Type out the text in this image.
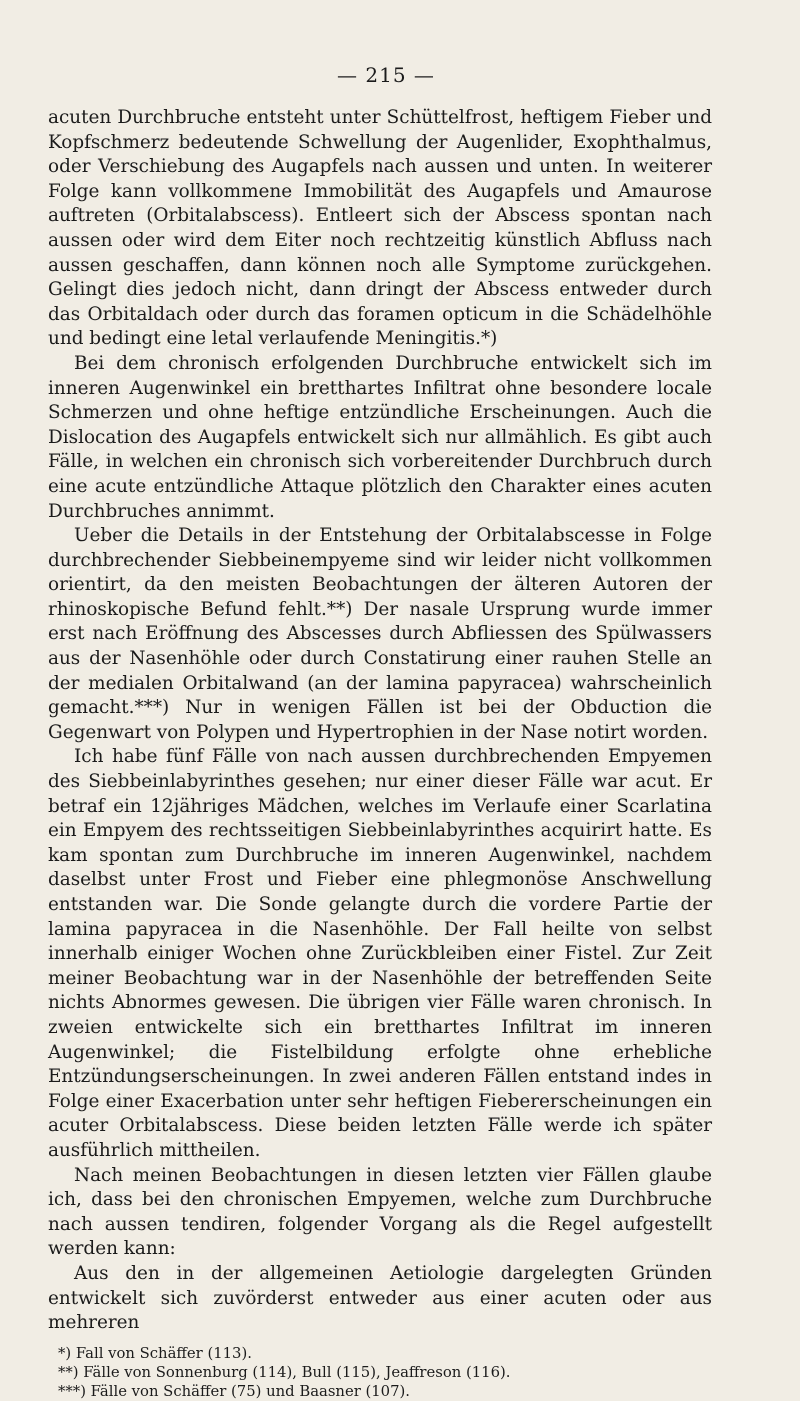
— 215 —

acuten Durchbruche entsteht unter Schüttelfrost, heftigem Fieber und Kopfschmerz bedeutende Schwellung der Augenlider, Exophthalmus, oder Verschiebung des Augapfels nach aussen und unten. In weiterer Folge kann vollkommene Immobilität des Augapfels und Amaurose auftreten (Orbitalabscess). Entleert sich der Abscess spontan nach aussen oder wird dem Eiter noch rechtzeitig künstlich Abfluss nach aussen geschaffen, dann können noch alle Symptome zurückgehen. Gelingt dies jedoch nicht, dann dringt der Abscess entweder durch das Orbitaldach oder durch das foramen opticum in die Schädelhöhle und bedingt eine letal verlaufende Meningitis.*)

Bei dem chronisch erfolgenden Durchbruche entwickelt sich im inneren Augenwinkel ein bretthartes Infiltrat ohne besondere locale Schmerzen und ohne heftige entzündliche Erscheinungen. Auch die Dislocation des Augapfels entwickelt sich nur allmählich. Es gibt auch Fälle, in welchen ein chronisch sich vorbereitender Durchbruch durch eine acute entzündliche Attaque plötzlich den Charakter eines acuten Durchbruches annimmt.

Ueber die Details in der Entstehung der Orbitalabscesse in Folge durchbrechender Siebbeinempyeme sind wir leider nicht vollkommen orientirt, da den meisten Beobachtungen der älteren Autoren der rhinoskopische Befund fehlt.**) Der nasale Ursprung wurde immer erst nach Eröffnung des Abscesses durch Abfliessen des Spülwassers aus der Nasenhöhle oder durch Constatirung einer rauhen Stelle an der medialen Orbitalwand (an der lamina papyracea) wahrscheinlich gemacht.***) Nur in wenigen Fällen ist bei der Obduction die Gegenwart von Polypen und Hypertrophien in der Nase notirt worden.

Ich habe fünf Fälle von nach aussen durchbrechenden Empyemen des Siebbeinlabyrinthes gesehen; nur einer dieser Fälle war acut. Er betraf ein 12jähriges Mädchen, welches im Verlaufe einer Scarlatina ein Empyem des rechtsseitigen Siebbeinlabyrinthes acquirirt hatte. Es kam spontan zum Durchbruche im inneren Augenwinkel, nachdem daselbst unter Frost und Fieber eine phlegmonöse Anschwellung entstanden war. Die Sonde gelangte durch die vordere Partie der lamina papyracea in die Nasenhöhle. Der Fall heilte von selbst innerhalb einiger Wochen ohne Zurückbleiben einer Fistel. Zur Zeit meiner Beobachtung war in der Nasenhöhle der betreffenden Seite nichts Abnormes gewesen. Die übrigen vier Fälle waren chronisch. In zweien entwickelte sich ein bretthartes Infiltrat im inneren Augenwinkel; die Fistelbildung erfolgte ohne erhebliche Entzündungserscheinungen. In zwei anderen Fällen entstand indes in Folge einer Exacerbation unter sehr heftigen Fiebererscheinungen ein acuter Orbitalabscess. Diese beiden letzten Fälle werde ich später ausführlich mittheilen.

Nach meinen Beobachtungen in diesen letzten vier Fällen glaube ich, dass bei den chronischen Empyemen, welche zum Durchbruche nach aussen tendiren, folgender Vorgang als die Regel aufgestellt werden kann:

Aus den in der allgemeinen Aetiologie dargelegten Gründen entwickelt sich zuvörderst entweder aus einer acuten oder aus mehreren

*) Fall von Schäffer (113).

**) Fälle von Sonnenburg (114), Bull (115), Jeaffreson (116).

***) Fälle von Schäffer (75) und Baasner (107).
